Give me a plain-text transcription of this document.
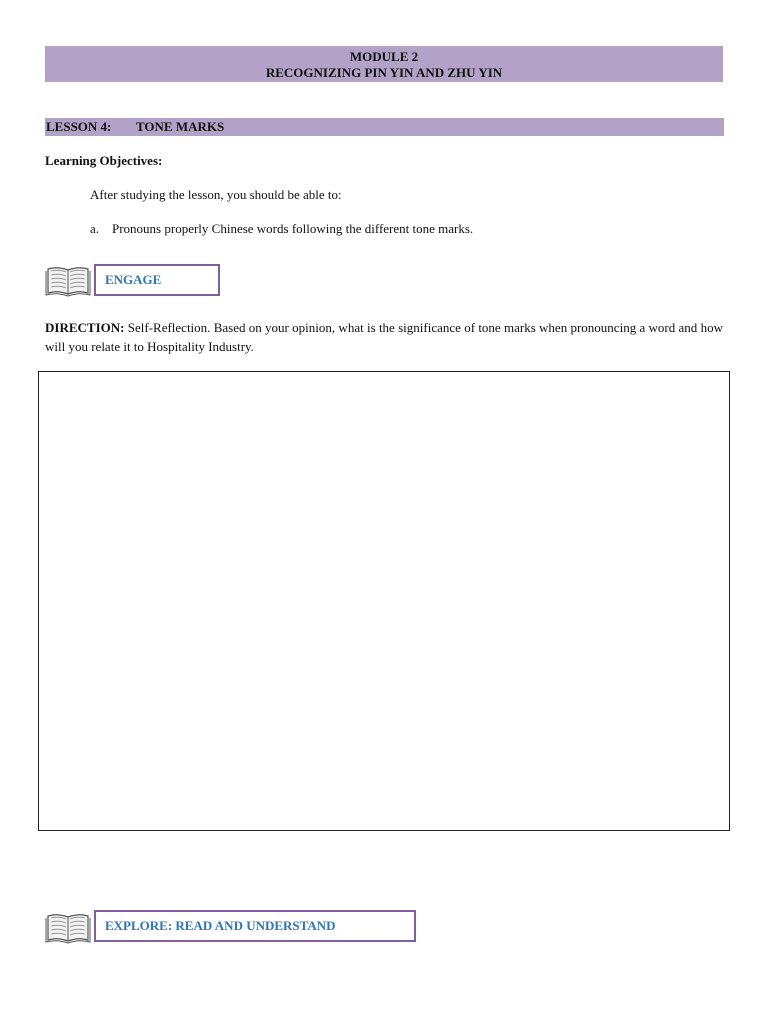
MODULE 2
RECOGNIZING PIN YIN AND ZHU YIN
LESSON 4: TONE MARKS
Learning Objectives:
After studying the lesson, you should be able to:
a. Pronouns properly Chinese words following the different tone marks.
ENGAGE
DIRECTION: Self-Reflection. Based on your opinion, what is the significance of tone marks when pronouncing a word and how will you relate it to Hospitality Industry.
EXPLORE: READ AND UNDERSTAND
